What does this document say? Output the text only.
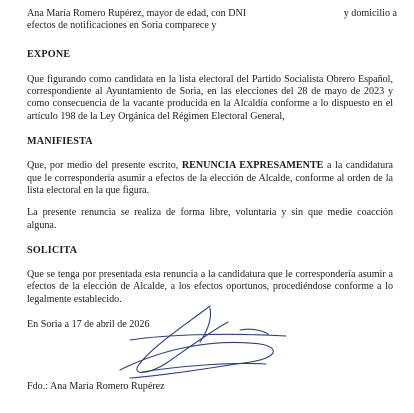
Ana María Romero Rupérez, mayor de edad, con DNI	y domicilio a

efectos de notificaciones en Soria comparece y

EXPONE

Que figurando como candidata en la lista electoral del Partido Socialista Obrero Español, correspondiente al Ayuntamiento de Soria, en las elecciones del 28 de mayo de 2023 y como consecuencia de la vacante producida en la Alcaldía conforme a lo dispuesto en el artículo 198 de la Ley Orgánica del Régimen Electoral General,

MANIFIESTA

Que, por medio del presente escrito, RENUNCIA EXPRESAMENTE a la candidatura que le correspondería asumir a efectos de la elección de Alcalde, conforme al orden de la lista electoral en la que figura.

La presente renuncia se realiza de forma libre, voluntaria y sin que medie coacción alguna.

SOLICITA

Que se tenga por presentada esta renuncia a la candidatura que le correspondería asumir a efectos de la elección de Alcalde, a los efectos oportunos, procediéndose conforme a lo legalmente establecido.

En Soria a 17 de abril de 2026

Fdo.: Ana María Romero Rupérez
